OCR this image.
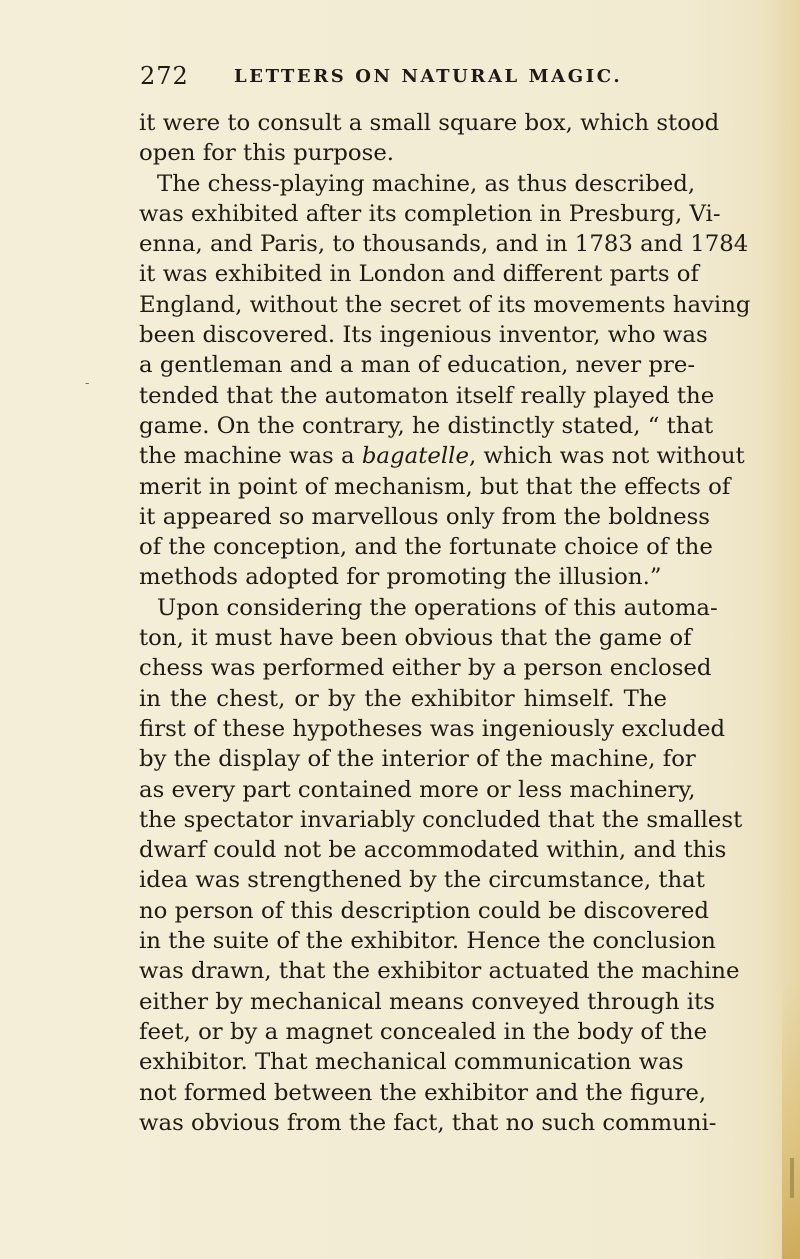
‐
272	LETTERS ON NATURAL MAGIC.
it were to consult a small square box, which stood
open for this purpose.
The chess-playing machine, as thus described,
was exhibited after its completion in Presburg, Vi-
enna, and Paris, to thousands, and in 1783 and 1784
it was exhibited in London and different parts of
England, without the secret of its movements having
been discovered. Its ingenious inventor, who was
a gentleman and a man of education, never pre-
tended that the automaton itself really played the
game. On the contrary, he distinctly stated, “ that
the machine was a bagatelle, which was not without
merit in point of mechanism, but that the effects of
it appeared so marvellous only from the boldness
of the conception, and the fortunate choice of the
methods adopted for promoting the illusion.”
Upon considering the operations of this automa-
ton, it must have been obvious that the game of
chess was performed either by a person enclosed
in the chest, or by the exhibitor himself. The
first of these hypotheses was ingeniously excluded
by the display of the interior of the machine, for
as every part contained more or less machinery,
the spectator invariably concluded that the smallest
dwarf could not be accommodated within, and this
idea was strengthened by the circumstance, that
no person of this description could be discovered
in the suite of the exhibitor. Hence the conclusion
was drawn, that the exhibitor actuated the machine
either by mechanical means conveyed through its
feet, or by a magnet concealed in the body of the
exhibitor. That mechanical communication was
not formed between the exhibitor and the figure,
was obvious from the fact, that no such communi-
